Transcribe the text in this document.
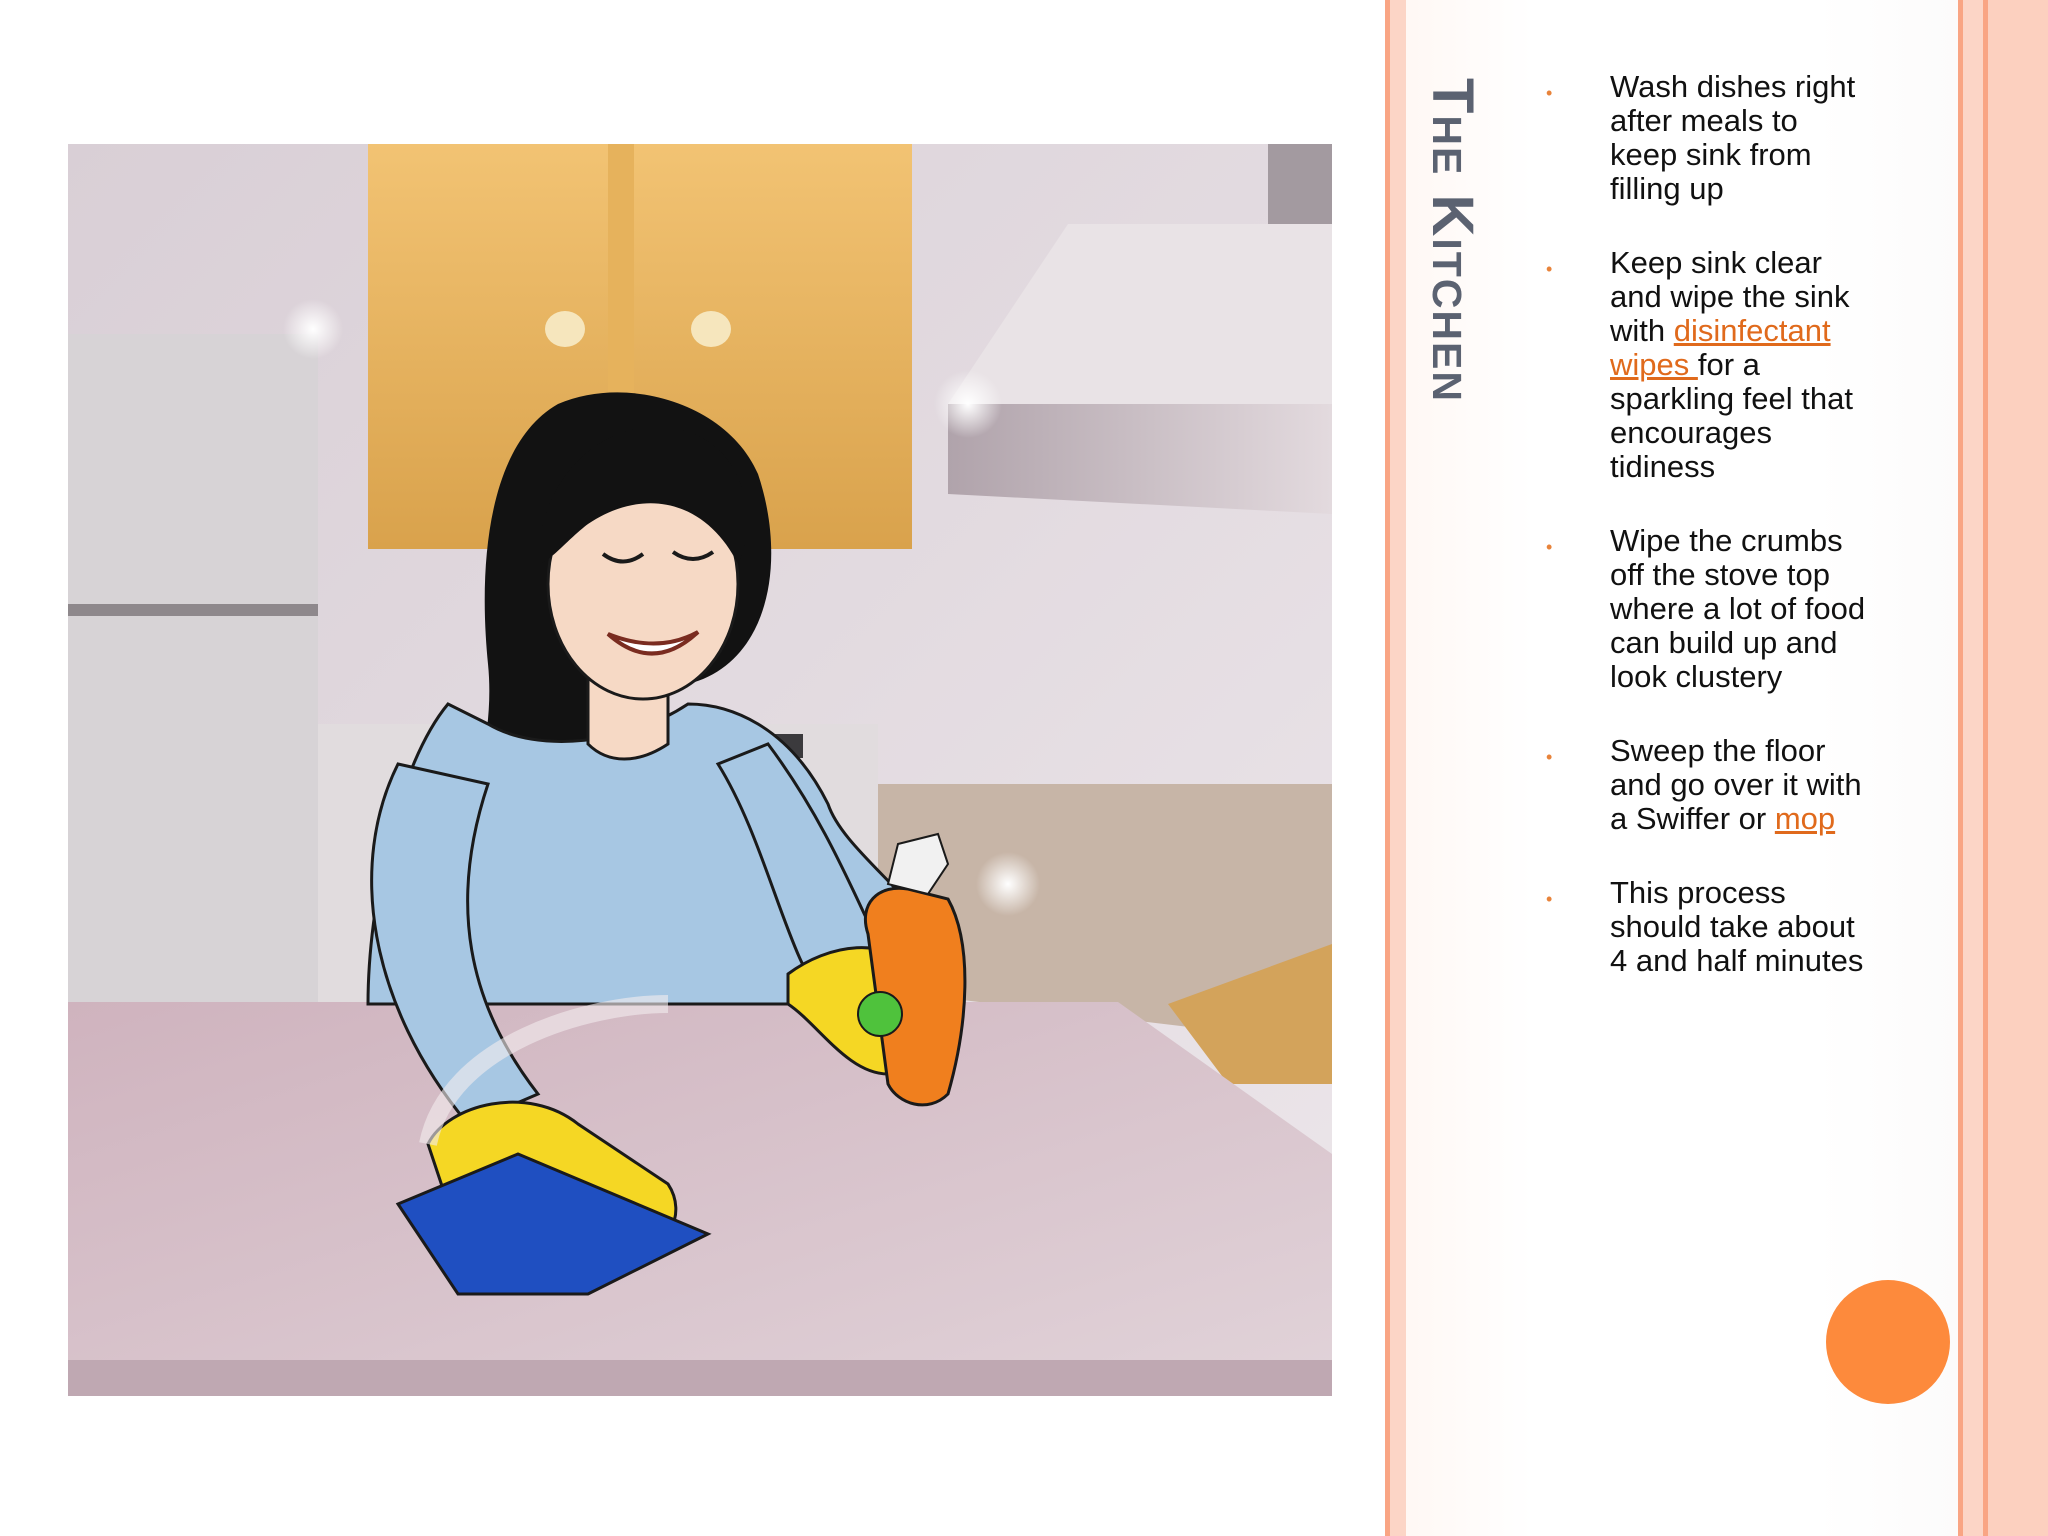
The Kitchen	• Wash dishes right after meals to keep sink from filling up
• Keep sink clear and wipe the sink with disinfectant wipes for a sparkling feel that encourages tidiness
• Wipe the crumbs off the stove top where a lot of food can build up and look clustery
• Sweep the floor and go over it with a Swiffer or mop
• This process should take about 4 and half minutes
